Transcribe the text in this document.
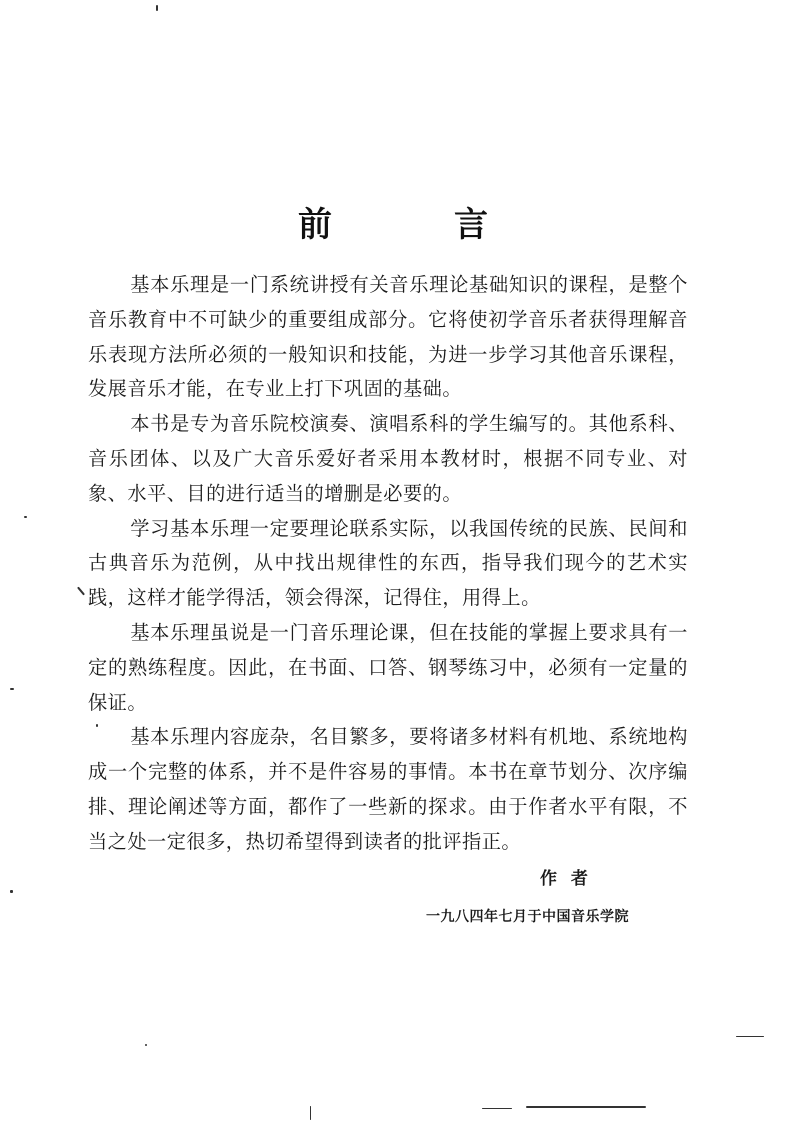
前	言

基本乐理是一门系统讲授有关音乐理论基础知识的课程，是整个音乐教育中不可缺少的重要组成部分。它将使初学音乐者获得理解音乐表现方法所必须的一般知识和技能，为进一步学习其他音乐课程，发展音乐才能，在专业上打下巩固的基础。

本书是专为音乐院校演奏、演唱系科的学生编写的。其他系科、音乐团体、以及广大音乐爱好者采用本教材时，根据不同专业、对象、水平、目的进行适当的增删是必要的。

学习基本乐理一定要理论联系实际，以我国传统的民族、民间和古典音乐为范例，从中找出规律性的东西，指导我们现今的艺术实践，这样才能学得活，领会得深，记得住，用得上。

基本乐理虽说是一门音乐理论课，但在技能的掌握上要求具有一定的熟练程度。因此，在书面、口答、钢琴练习中，必须有一定量的保证。

基本乐理内容庞杂，名目繁多，要将诸多材料有机地、系统地构成一个完整的体系，并不是件容易的事情。本书在章节划分、次序编排、理论阐述等方面，都作了一些新的探求。由于作者水平有限，不当之处一定很多，热切希望得到读者的批评指正。

作 者
一九八四年七月于中国音乐学院
